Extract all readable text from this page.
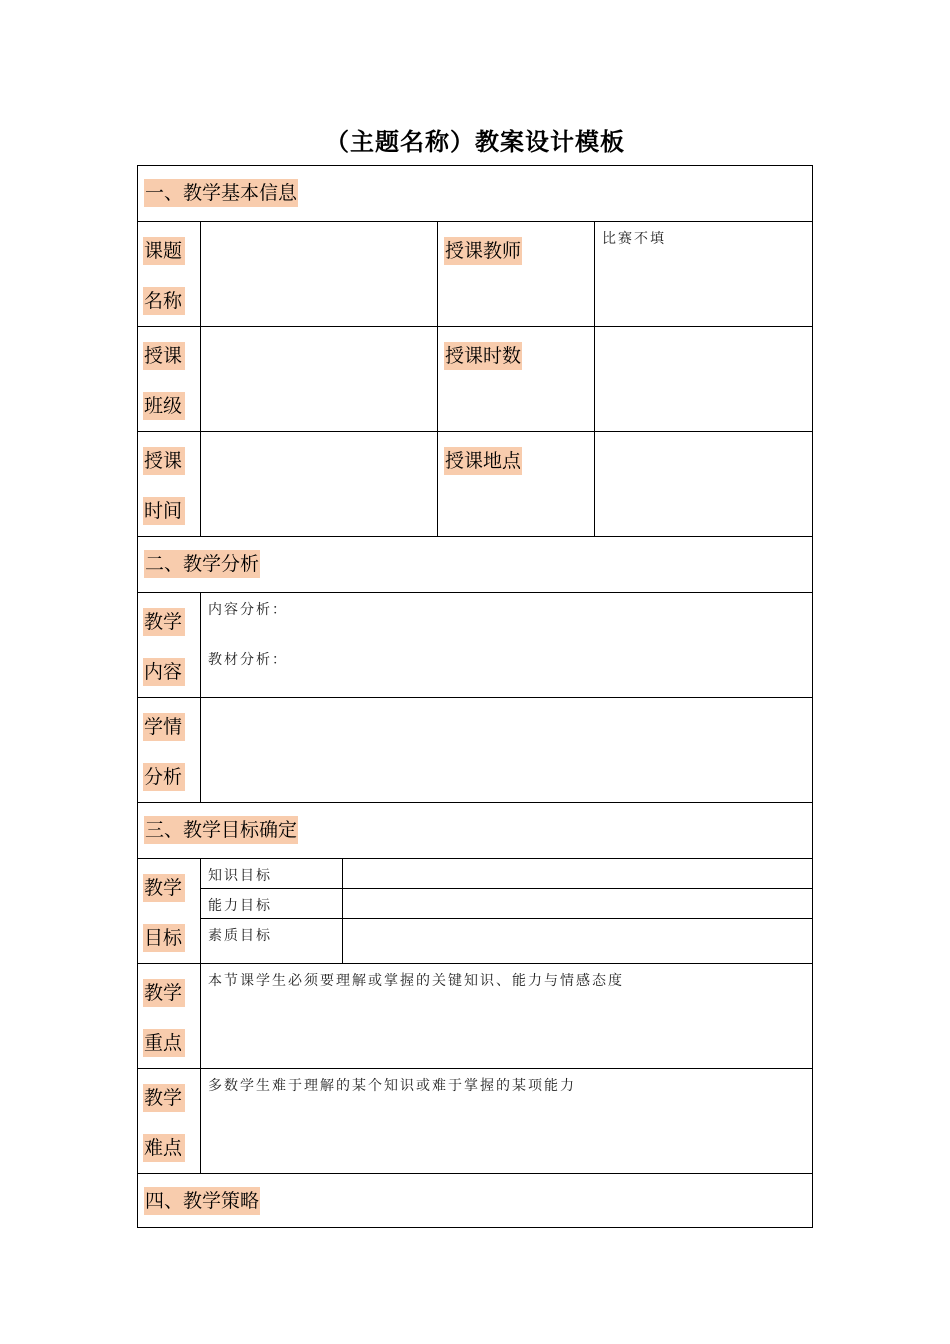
（主题名称）教案设计模板
一、教学基本信息
课题
名称
授课教师
比赛不填
授课
班级
授课时数
授课
时间
授课地点
二、教学分析
教学
内容
内容分析：
教材分析：
学情
分析
三、教学目标确定
教学
目标
知识目标
能力目标
素质目标
教学
重点
本节课学生必须要理解或掌握的关键知识、能力与情感态度
教学
难点
多数学生难于理解的某个知识或难于掌握的某项能力
四、教学策略
